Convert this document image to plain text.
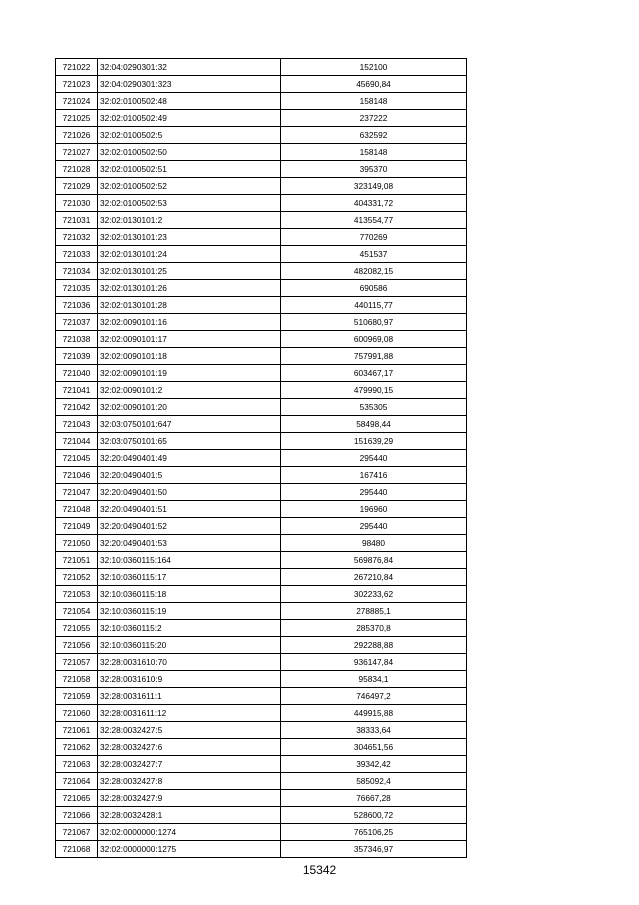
721022	32:04:0290301:32	152100
721023	32:04:0290301:323	45690,84
721024	32:02:0100502:48	158148
721025	32:02:0100502:49	237222
721026	32:02:0100502:5	632592
721027	32:02:0100502:50	158148
721028	32:02:0100502:51	395370
721029	32:02:0100502:52	323149,08
721030	32:02:0100502:53	404331,72
721031	32:02:0130101:2	413554,77
721032	32:02:0130101:23	770269
721033	32:02:0130101:24	451537
721034	32:02:0130101:25	482082,15
721035	32:02:0130101:26	690586
721036	32:02:0130101:28	440115,77
721037	32:02:0090101:16	510680,97
721038	32:02:0090101:17	600969,08
721039	32:02:0090101:18	757991,88
721040	32:02:0090101:19	603467,17
721041	32:02:0090101:2	479990,15
721042	32:02:0090101:20	535305
721043	32:03:0750101:647	58498,44
721044	32:03:0750101:65	151639,29
721045	32:20:0490401:49	295440
721046	32:20:0490401:5	167416
721047	32:20:0490401:50	295440
721048	32:20:0490401:51	196960
721049	32:20:0490401:52	295440
721050	32:20:0490401:53	98480
721051	32:10:0360115:164	569876,84
721052	32:10:0360115:17	267210,84
721053	32:10:0360115:18	302233,62
721054	32:10:0360115:19	278885,1
721055	32:10:0360115:2	285370,8
721056	32:10:0360115:20	292288,88
721057	32:28:0031610:70	936147,84
721058	32:28:0031610:9	95834,1
721059	32:28:0031611:1	746497,2
721060	32:28:0031611:12	449915,88
721061	32:28:0032427:5	38333,64
721062	32:28:0032427:6	304651,56
721063	32:28:0032427:7	39342,42
721064	32:28:0032427:8	585092,4
721065	32:28:0032427:9	76667,28
721066	32:28:0032428:1	528600,72
721067	32:02:0000000:1274	765106,25
721068	32:02:0000000:1275	357346,97
15342
